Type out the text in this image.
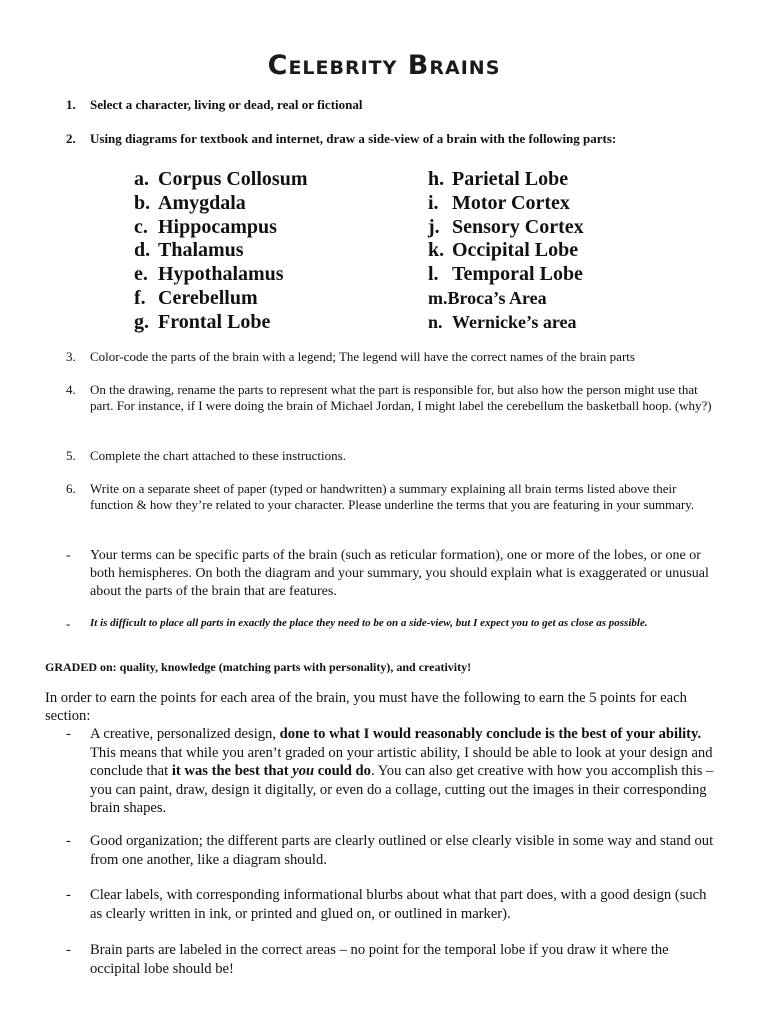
Celebrity Brains
1.	Select a character, living or dead, real or fictional
2.	Using diagrams for textbook and internet, draw a side-view of a brain with the following parts:
a. Corpus Collosum
b. Amygdala
c. Hippocampus
d. Thalamus
e. Hypothalamus
f. Cerebellum
g. Frontal Lobe
h. Parietal Lobe
i. Motor Cortex
j. Sensory Cortex
k. Occipital Lobe
l. Temporal Lobe
m.Broca’s Area
n. Wernicke’s area
3.	Color-code the parts of the brain with a legend; The legend will have the correct names of the brain parts
4.	On the drawing, rename the parts to represent what the part is responsible for, but also how the person might use that part. For instance, if I were doing the brain of Michael Jordan, I might label the cerebellum the basketball hoop. (why?)
5.	Complete the chart attached to these instructions.
6.	Write on a separate sheet of paper (typed or handwritten) a summary explaining all brain terms listed above their function & how they’re related to your character. Please underline the terms that you are featuring in your summary.
-	Your terms can be specific parts of the brain (such as reticular formation), one or more of the lobes, or one or both hemispheres. On both the diagram and your summary, you should explain what is exaggerated or unusual about the parts of the brain that are features.
-	It is difficult to place all parts in exactly the place they need to be on a side-view, but I expect you to get as close as possible.
GRADED on: quality, knowledge (matching parts with personality), and creativity!
In order to earn the points for each area of the brain, you must have the following to earn the 5 points for each section:
-	A creative, personalized design, done to what I would reasonably conclude is the best of your ability. This means that while you aren’t graded on your artistic ability, I should be able to look at your design and conclude that it was the best that you could do. You can also get creative with how you accomplish this – you can paint, draw, design it digitally, or even do a collage, cutting out the images in their corresponding brain shapes.
-	Good organization; the different parts are clearly outlined or else clearly visible in some way and stand out from one another, like a diagram should.
-	Clear labels, with corresponding informational blurbs about what that part does, with a good design (such as clearly written in ink, or printed and glued on, or outlined in marker).
-	Brain parts are labeled in the correct areas – no point for the temporal lobe if you draw it where the occipital lobe should be!
